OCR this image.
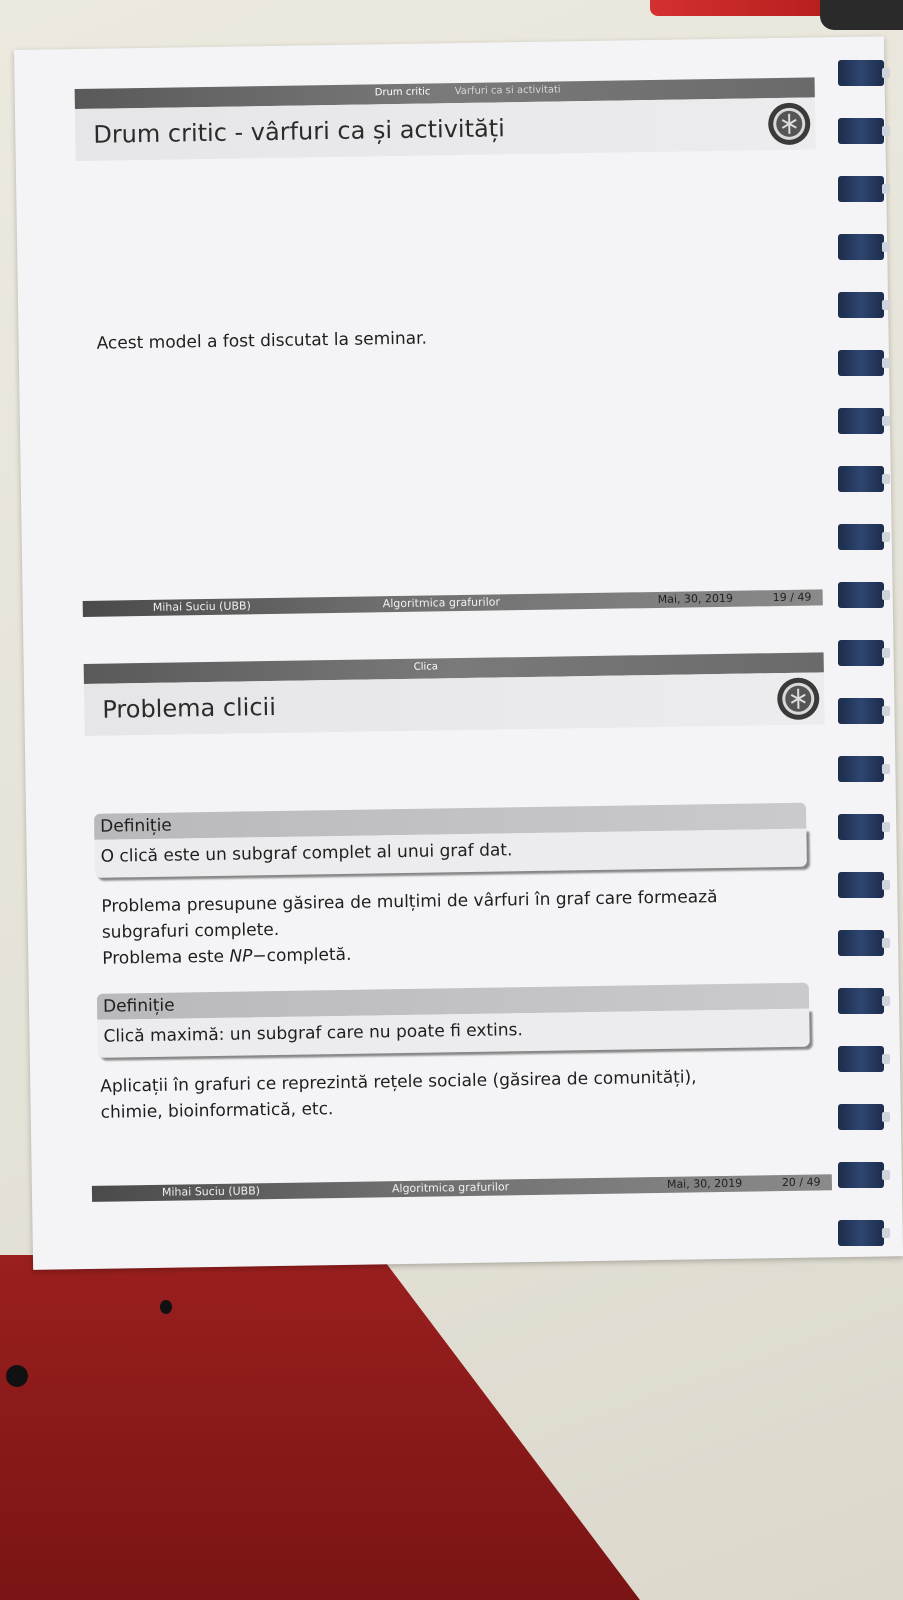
Drum critic Varfuri ca si activitati
Drum critic - vârfuri ca și activități
Acest model a fost discutat la seminar.
Mihai Suciu (UBB)	Algoritmica grafurilor	Mai, 30, 2019	19 / 49
Clica
Problema clicii
Definiție
O clică este un subgraf complet al unui graf dat.
Problema presupune găsirea de mulțimi de vârfuri în graf care formează
subgrafuri complete.
Problema este NP−completă.
Definiție
Clică maximă: un subgraf care nu poate fi extins.
Aplicații în grafuri ce reprezintă rețele sociale (găsirea de comunități),
chimie, bioinformatică, etc.
Mihai Suciu (UBB)	Algoritmica grafurilor	Mai, 30, 2019	20 / 49
